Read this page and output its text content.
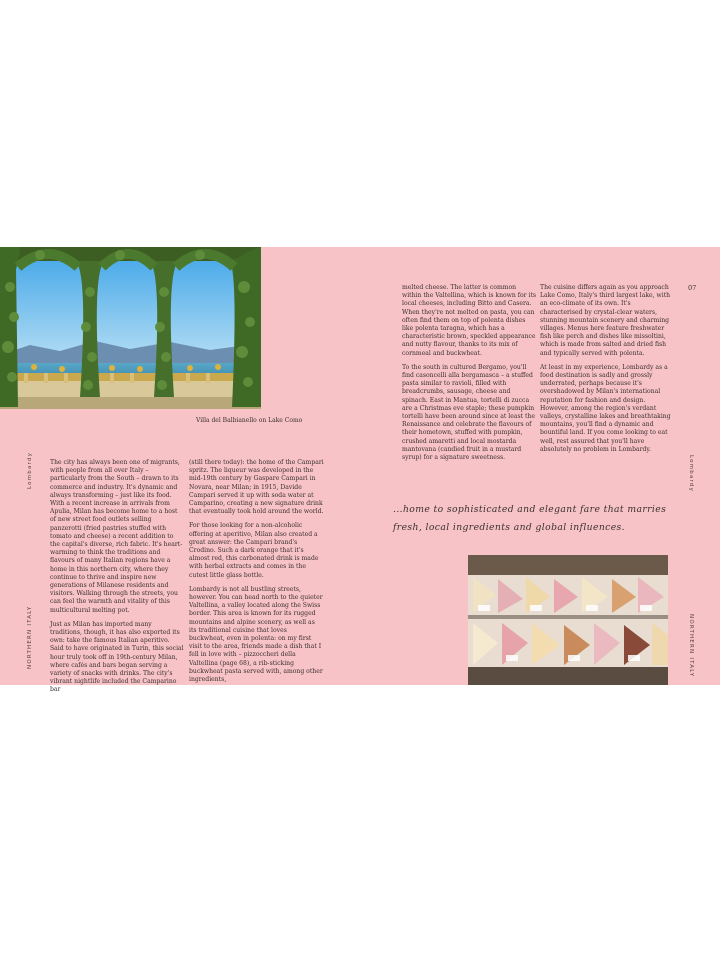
Villa del Balbianello on Lake Como
Lombardy
NORTHERN ITALY
Lombardy
NORTHERN ITALY

The city has always been one of migrants, with people from all over Italy – particularly from the South – drawn to its commerce and industry. It's dynamic and always transforming – just like its food. With a recent increase in arrivals from Apulia, Milan has become home to a host of new street food outlets selling panzerotti (fried pastries stuffed with tomato and cheese) a recent addition to the capital's diverse, rich fabric. It's heart-warming to think the traditions and flavours of many Italian regions have a home in this northern city, where they continue to thrive and inspire new generations of Milanese residents and visitors. Walking through the streets, you can feel the warmth and vitality of this multicultural melting pot.

Just as Milan has imported many traditions, though, it has also exported its own: take the famous Italian aperitivo. Said to have originated in Turin, this social hour truly took off in 19th-century Milan, where cafés and bars began serving a variety of snacks with drinks. The city's vibrant nightlife included the Camparino bar

(still there today): the home of the Campari spritz. The liqueur was developed in the mid-19th century by Gaspare Campari in Novara, near Milan; in 1915, Davide Campari served it up with soda water at Camparino, creating a new signature drink that eventually took hold around the world.

For those looking for a non-alcoholic offering at aperitivo, Milan also created a great answer: the Campari brand's Crodino. Such a dark orange that it's almost red, this carbonated drink is made with herbal extracts and comes in the cutest little glass bottle.

Lombardy is not all bustling streets, however. You can head north to the quieter Valtellina, a valley located along the Swiss border. This area is known for its rugged mountains and alpine scenery, as well as its traditional cuisine that loves buckwheat, even in polenta: on my first visit to the area, friends made a dish that I fell in love with – pizzoccheri della Valtellina (page 68), a rib-sticking buckwheat pasta served with, among other ingredients,

melted cheese. The latter is common within the Valtellina, which is known for its local cheeses, including Bitto and Casera. When they're not melted on pasta, you can often find them on top of polenta dishes like polenta taragna, which has a characteristic brown, speckled appearance and nutty flavour, thanks to its mix of cornmeal and buckwheat.

To the south in cultured Bergamo, you'll find casoncelli alla bergamasca – a stuffed pasta similar to ravioli, filled with breadcrumbs, sausage, cheese and spinach. East in Mantua, tortelli di zucca are a Christmas eve staple; these pumpkin tortelli have been around since at least the Renaissance and celebrate the flavours of their hometown, stuffed with pumpkin, crushed amaretti and local mostarda mantovana (candied fruit in a mustard syrup) for a signature sweetness.

The cuisine differs again as you approach Lake Como, Italy's third largest lake, with an eco-climate of its own. It's characterised by crystal-clear waters, stunning mountain scenery and charming villages. Menus here feature freshwater fish like perch and dishes like missoltini, which is made from salted and dried fish and typically served with polenta.

At least in my experience, Lombardy as a food destination is sadly and grossly underrated, perhaps because it's overshadowed by Milan's international reputation for fashion and design. However, among the region's verdant valleys, crystalline lakes and breathtaking mountains, you'll find a dynamic and bountiful land. If you come looking to eat well, rest assured that you'll have absolutely no problem in Lombardy.

07
...home to sophisticated and elegant fare that marries fresh, local ingredients and global influences.
